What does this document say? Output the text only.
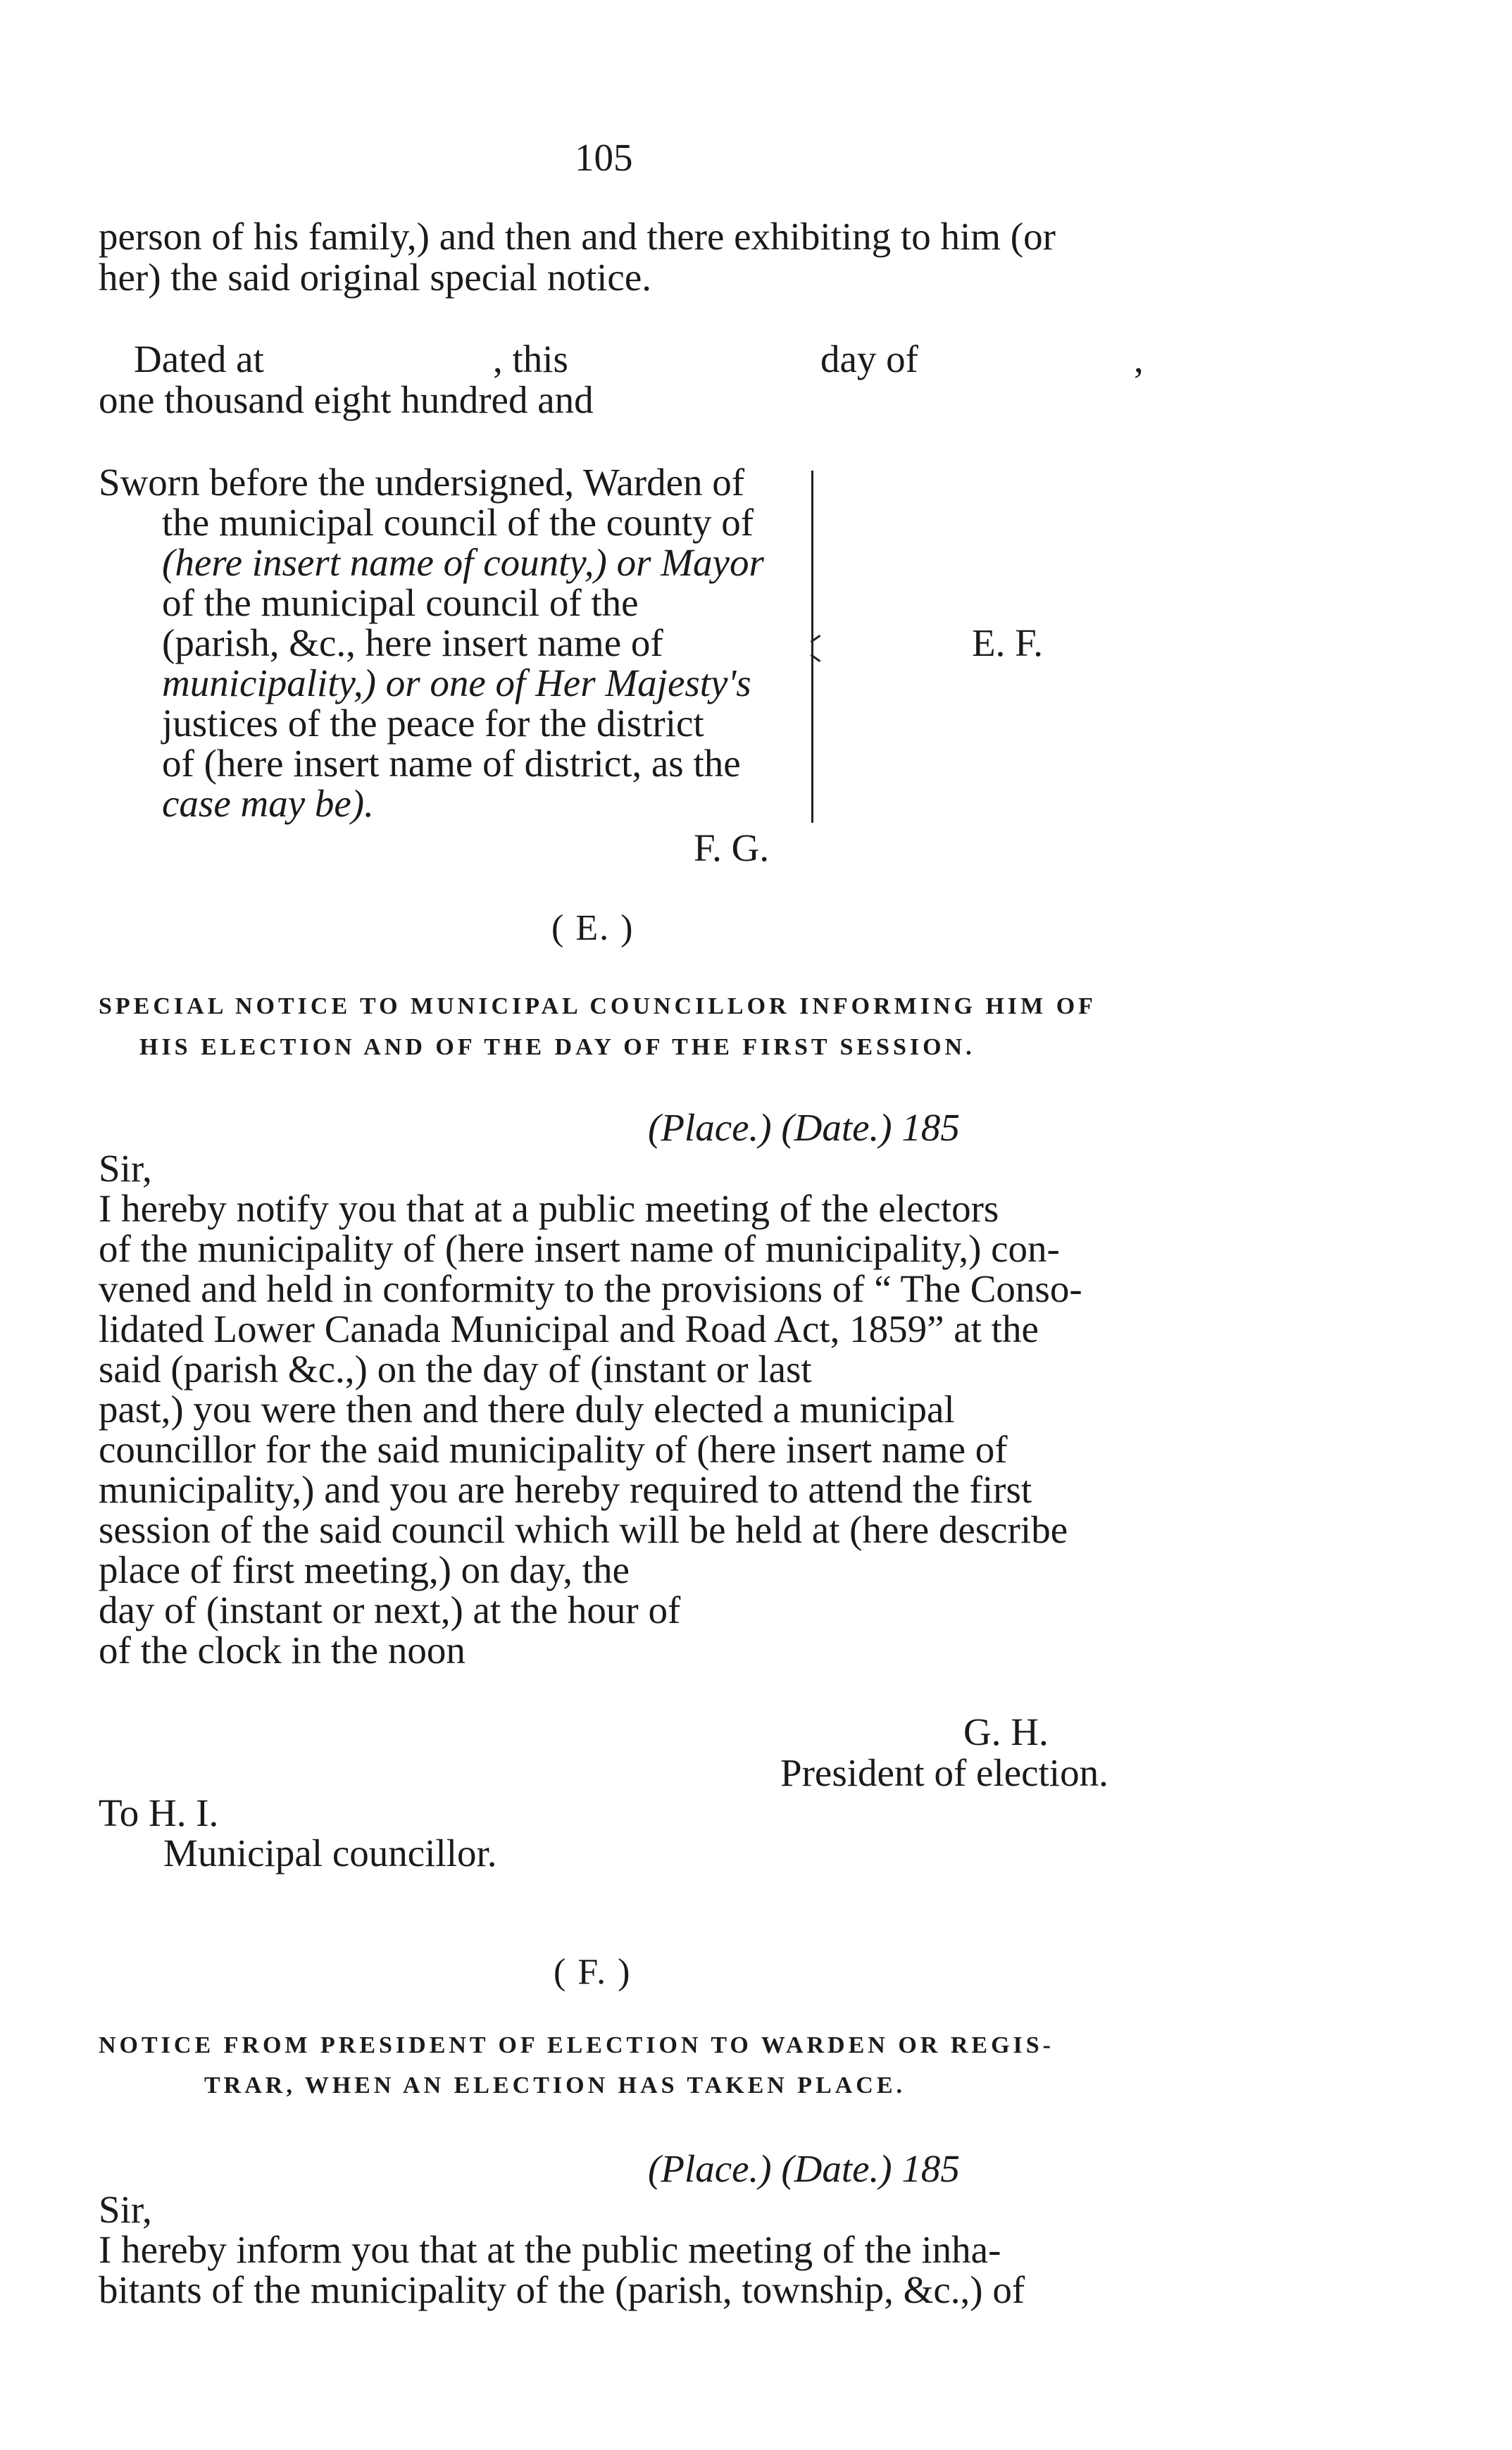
105
person of his family,) and then and there exhibiting to him (or
her) the said original special notice.
Dated at	, this	day of	,
one thousand eight hundred and
Sworn before the undersigned, Warden of
the municipal council of the county of
(here insert name of county,) or Mayor
of the municipal council of the
(parish, &c., here insert name of
municipality,) or one of Her Majesty's
justices of the peace for the district
of (here insert name of district, as the
case may be).
E. F.
F. G.
( E. )
SPECIAL NOTICE TO MUNICIPAL COUNCILLOR INFORMING HIM OF
HIS ELECTION AND OF THE DAY OF THE FIRST SESSION.
(Place.) (Date.) 185
Sir,
I hereby notify you that at a public meeting of the electors
of the municipality of (here insert name of municipality,) con-
vened and held in conformity to the provisions of “ The Conso-
lidated Lower Canada Municipal and Road Act, 1859” at the
said (parish &c.,) on the day of (instant or last
past,) you were then and there duly elected a municipal
councillor for the said municipality of (here insert name of
municipality,) and you are hereby required to attend the first
session of the said council which will be held at (here describe
place of first meeting,) on day, the
day of (instant or next,) at the hour of
of the clock in the noon
G. H.
President of election.
To H. I.
Municipal councillor.
( F. )
NOTICE FROM PRESIDENT OF ELECTION TO WARDEN OR REGIS-
TRAR, WHEN AN ELECTION HAS TAKEN PLACE.
(Place.) (Date.) 185
Sir,
I hereby inform you that at the public meeting of the inha-
bitants of the municipality of the (parish, township, &c.,) of
